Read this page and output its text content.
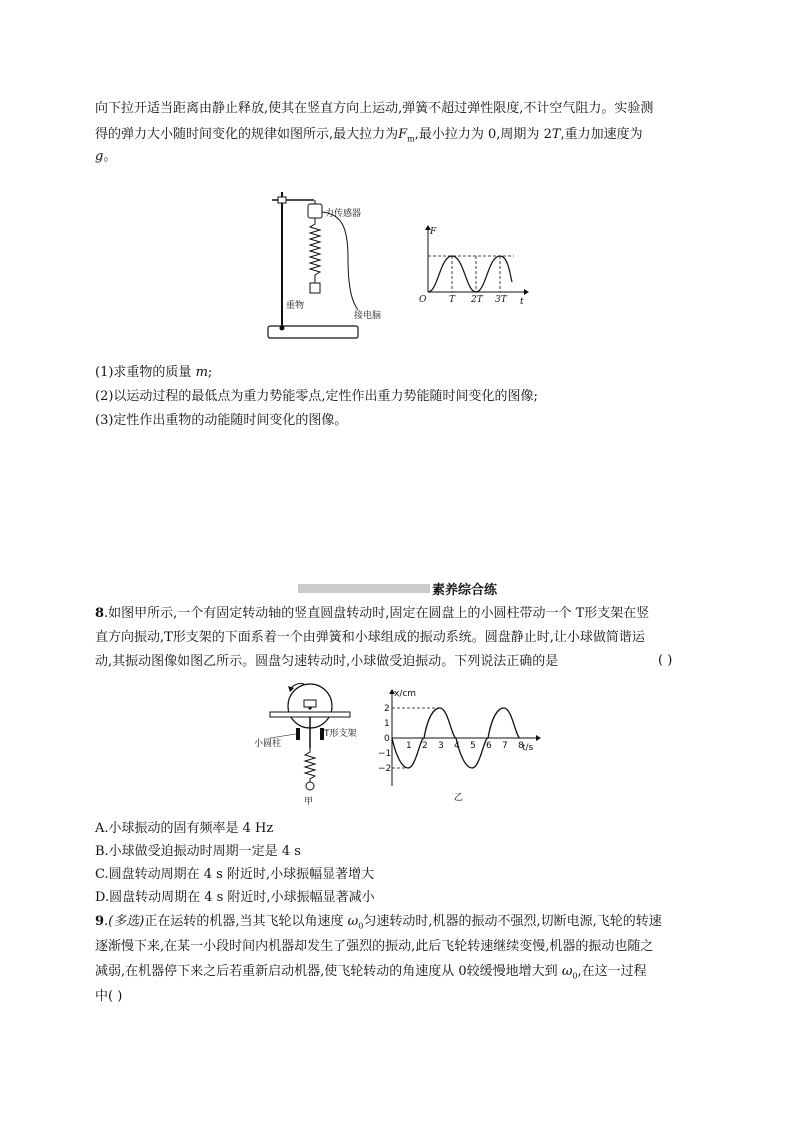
向下拉开适当距离由静止释放,使其在竖直方向上运动,弹簧不超过弹性限度,不计空气阻力。实验测
得的弹力大小随时间变化的规律如图所示,最大拉力为$F_m$,最小拉力为 0,周期为 2T,重力加速度为
g。
力传感器
重物
接电脑
F
t
O	T 2T 3T
(1)求重物的质量 m;
(2)以运动过程的最低点为重力势能零点,定性作出重力势能随时间变化的图像;
(3)定性作出重物的动能随时间变化的图像。
素养综合练
8.如图甲所示,一个有固定转动轴的竖直圆盘转动时,固定在圆盘上的小圆柱带动一个 T形支架在竖
直方向振动,T形支架的下面系着一个由弹簧和小球组成的振动系统。圆盘静止时,让小球做简谐运
动,其振动图像如图乙所示。圆盘匀速转动时,小球做受迫振动。下列说法正确的是	( )
小圆柱
T形支架
甲
x/cm
t/s
2
1
0
−1
−2
1 2 3 4 5 6 7 8
乙
A.小球振动的固有频率是 4 Hz
B.小球做受迫振动时周期一定是 4 s
C.圆盘转动周期在 4 s 附近时,小球振幅显著增大
D.圆盘转动周期在 4 s 附近时,小球振幅显著减小
9.(多选)正在运转的机器,当其飞轮以角速度 $\omega_0$匀速转动时,机器的振动不强烈,切断电源,飞轮的转速
逐渐慢下来,在某一小段时间内机器却发生了强烈的振动,此后飞轮转速继续变慢,机器的振动也随之
减弱,在机器停下来之后若重新启动机器,使飞轮转动的角速度从 0较缓慢地增大到 $\omega_0$,在这一过程
中( )
